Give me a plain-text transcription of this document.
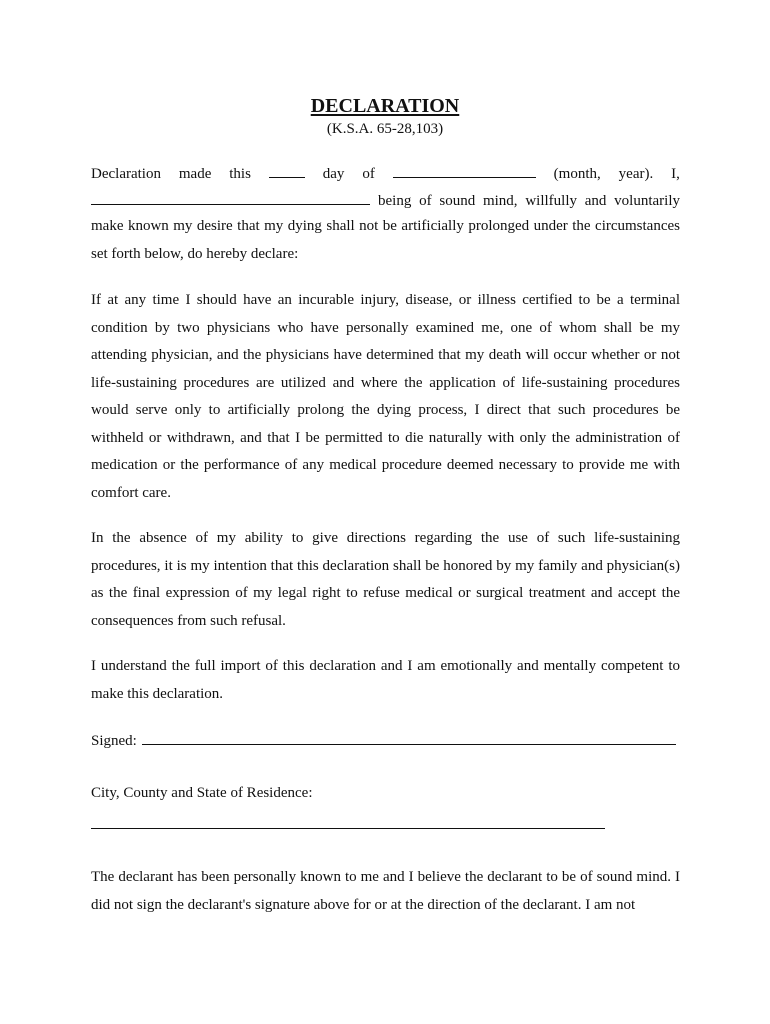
DECLARATION
(K.S.A. 65-28,103)
Declaration made this	day of	(month, year). I,
being of sound mind, willfully and voluntarily

make known my desire that my dying shall not be artificially prolonged under the circumstances set forth below, do hereby declare:

If at any time I should have an incurable injury, disease, or illness certified to be a terminal condition by two physicians who have personally examined me, one of whom shall be my attending physician, and the physicians have determined that my death will occur whether or not life-sustaining procedures are utilized and where the application of life-sustaining procedures would serve only to artificially prolong the dying process, I direct that such procedures be withheld or withdrawn, and that I be permitted to die naturally with only the administration of medication or the performance of any medical procedure deemed necessary to provide me with comfort care.

In the absence of my ability to give directions regarding the use of such life-sustaining procedures, it is my intention that this declaration shall be honored by my family and physician(s) as the final expression of my legal right to refuse medical or surgical treatment and accept the consequences from such refusal.

I understand the full import of this declaration and I am emotionally and mentally competent to make this declaration.

Signed:
City, County and State of Residence:

The declarant has been personally known to me and I believe the declarant to be of sound mind. I did not sign the declarant's signature above for or at the direction of the declarant. I am not
